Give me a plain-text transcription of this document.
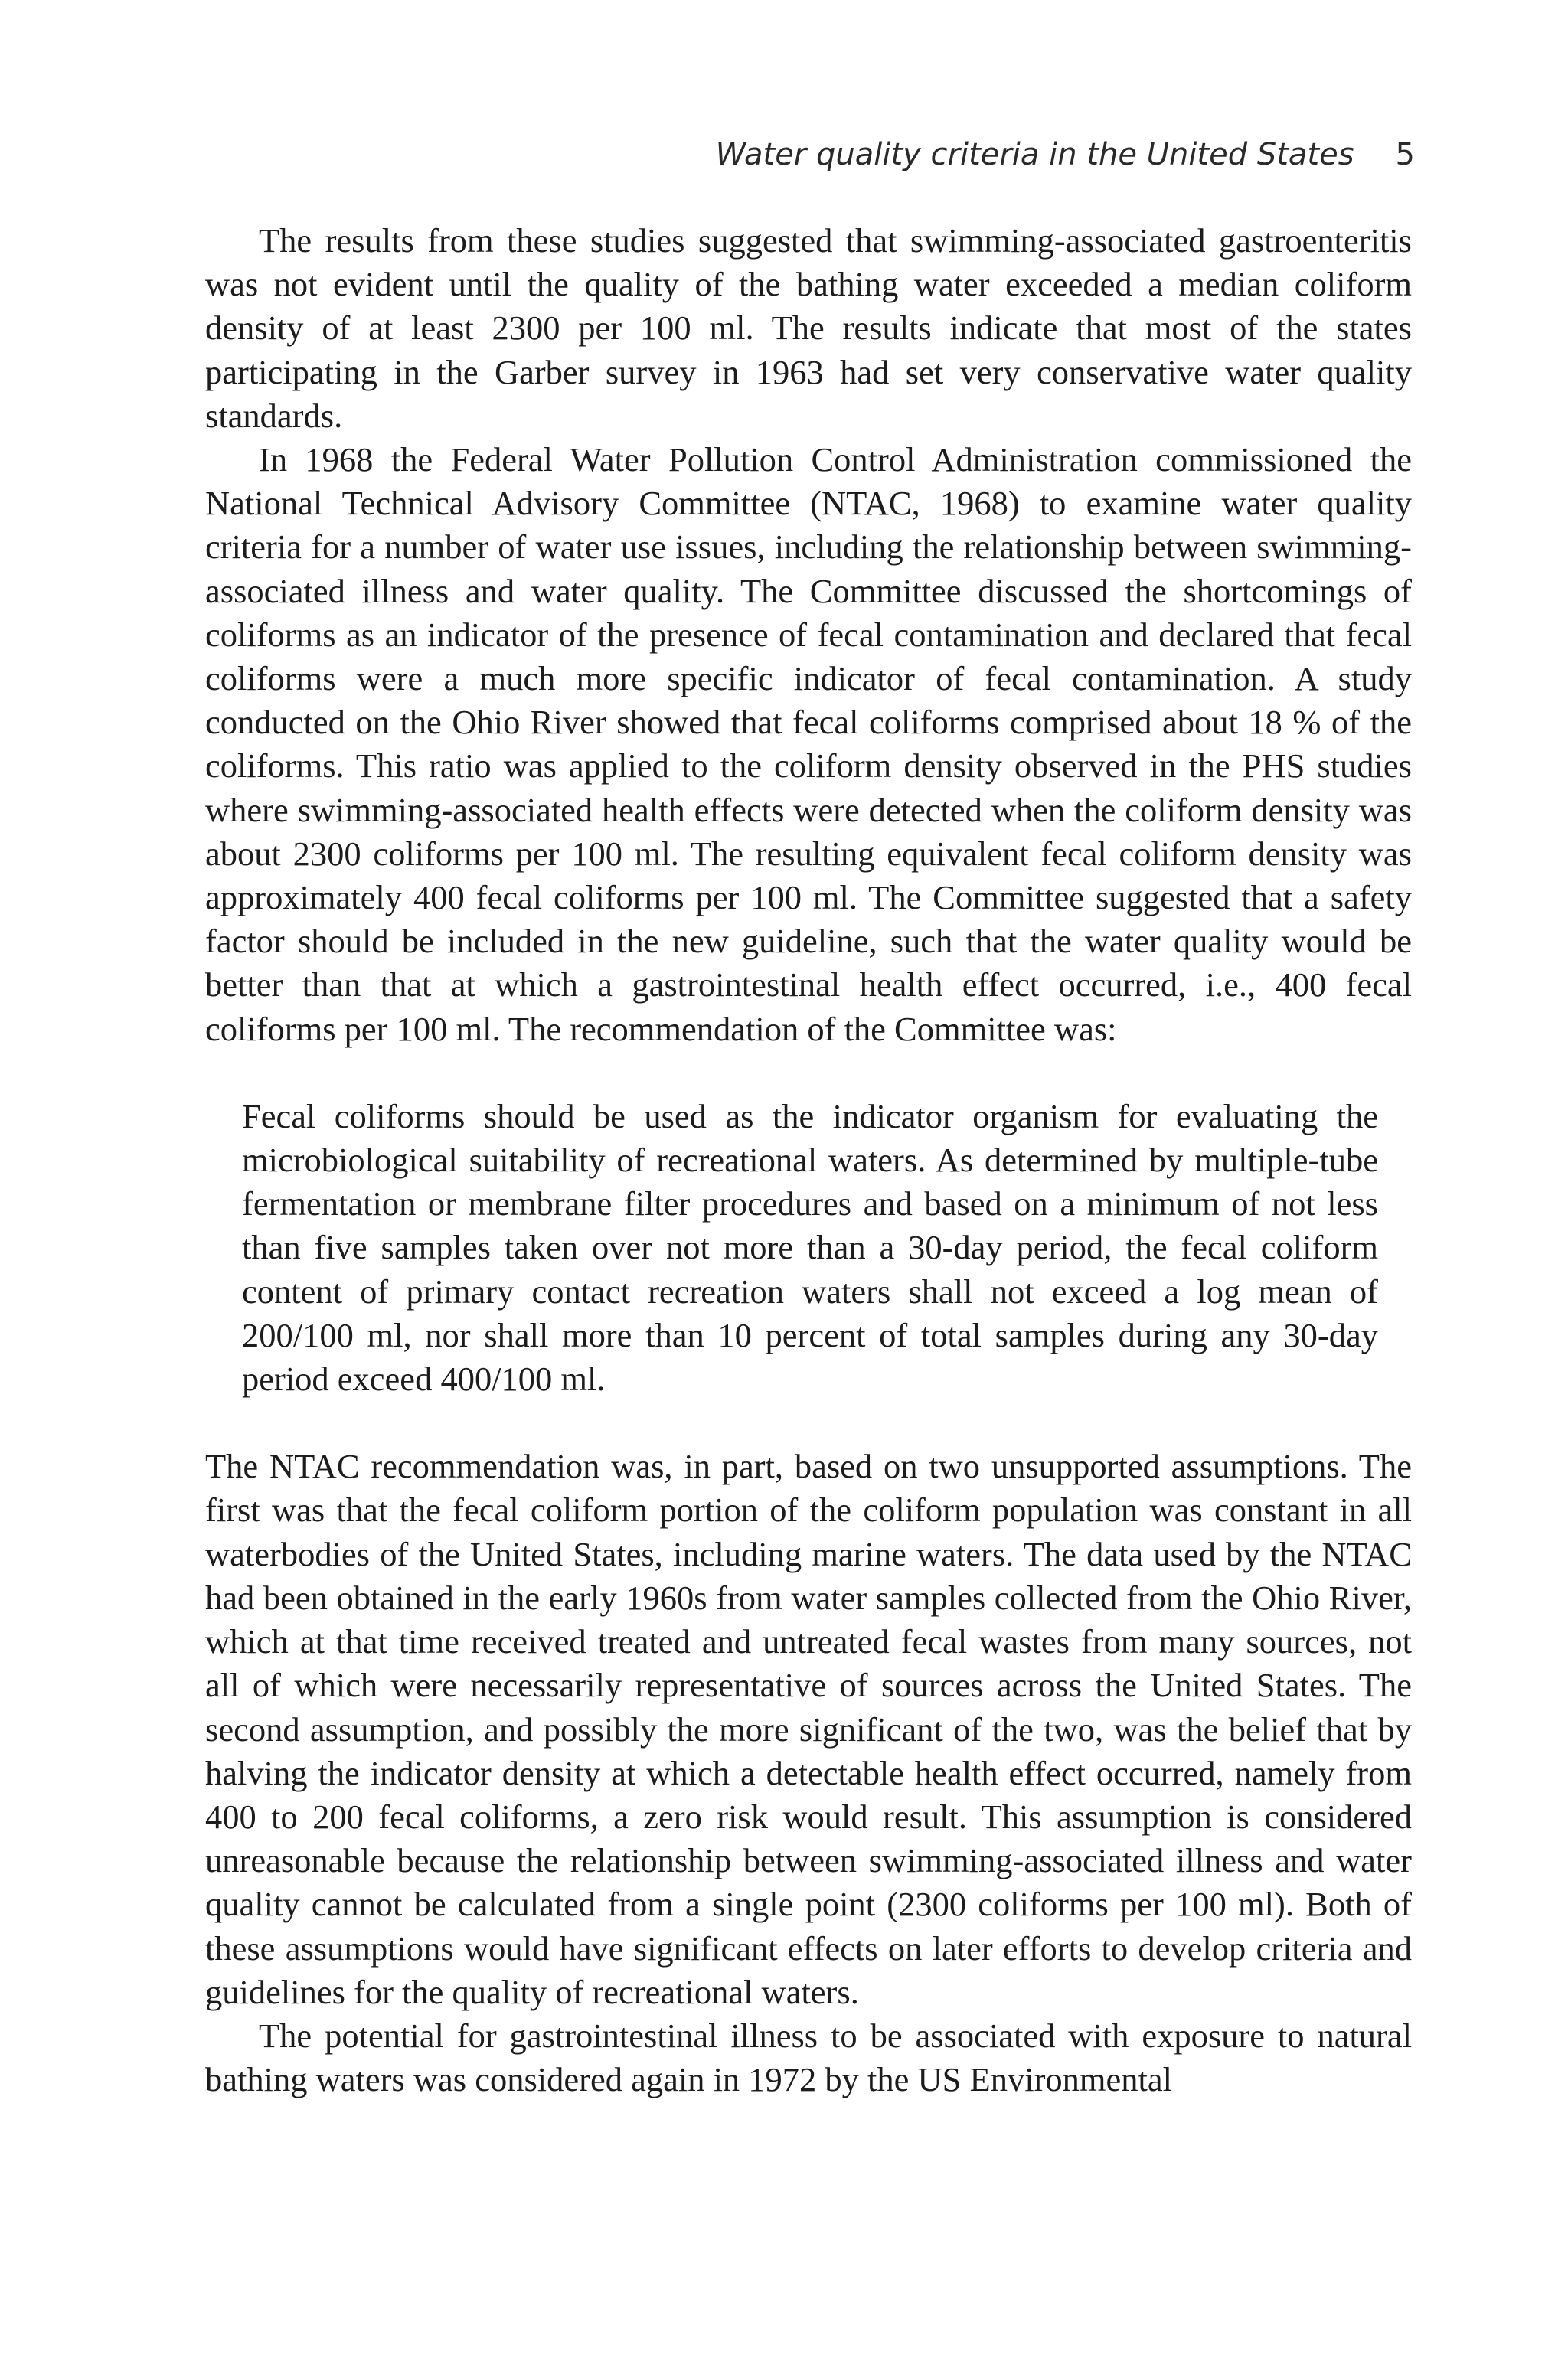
Water quality criteria in the United States 5

The results from these studies suggested that swimming-associated gastroenteritis was not evident until the quality of the bathing water exceeded a median coliform density of at least 2300 per 100 ml. The results indicate that most of the states participating in the Garber survey in 1963 had set very conservative water quality standards.

In 1968 the Federal Water Pollution Control Administration commissioned the National Technical Advisory Committee (NTAC, 1968) to examine water quality criteria for a number of water use issues, including the relationship between swimming-associated illness and water quality. The Committee discussed the shortcomings of coliforms as an indicator of the presence of fecal contamination and declared that fecal coliforms were a much more specific indicator of fecal contamination. A study conducted on the Ohio River showed that fecal coliforms comprised about 18 % of the coliforms. This ratio was applied to the coliform density observed in the PHS studies where swimming-associated health effects were detected when the coliform density was about 2300 coliforms per 100 ml. The resulting equivalent fecal coliform density was approximately 400 fecal coliforms per 100 ml. The Committee suggested that a safety factor should be included in the new guideline, such that the water quality would be better than that at which a gastrointestinal health effect occurred, i.e., 400 fecal coliforms per 100 ml. The recommendation of the Committee was:

Fecal coliforms should be used as the indicator organism for evaluating the microbiological suitability of recreational waters. As determined by multiple-tube fermentation or membrane filter procedures and based on a minimum of not less than five samples taken over not more than a 30-day period, the fecal coliform content of primary contact recreation waters shall not exceed a log mean of 200/100 ml, nor shall more than 10 percent of total samples during any 30-day period exceed 400/100 ml.

The NTAC recommendation was, in part, based on two unsupported assumptions. The first was that the fecal coliform portion of the coliform population was constant in all waterbodies of the United States, including marine waters. The data used by the NTAC had been obtained in the early 1960s from water samples collected from the Ohio River, which at that time received treated and untreated fecal wastes from many sources, not all of which were necessarily representative of sources across the United States. The second assumption, and possibly the more significant of the two, was the belief that by halving the indicator density at which a detectable health effect occurred, namely from 400 to 200 fecal coliforms, a zero risk would result. This assumption is considered unreasonable because the relationship between swimming-associated illness and water quality cannot be calculated from a single point (2300 coliforms per 100 ml). Both of these assumptions would have significant effects on later efforts to develop criteria and guidelines for the quality of recreational waters.

The potential for gastrointestinal illness to be associated with exposure to natural bathing waters was considered again in 1972 by the US Environmental
